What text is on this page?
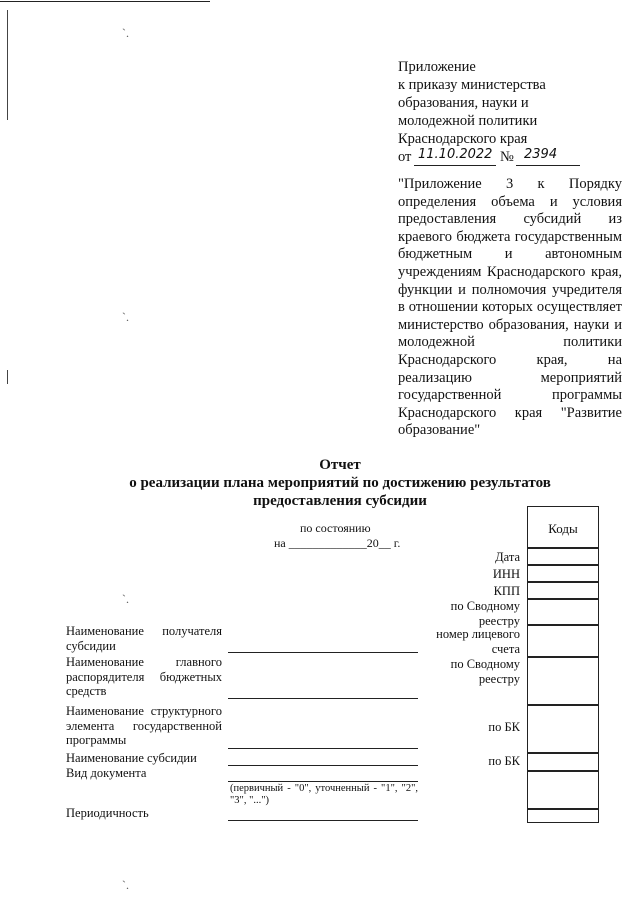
`.
`.
`.
`.

Приложение

к приказу министерства

образования, науки и

молодежной политики

Краснодарского края

от 11.10.2022 № 2394

"Приложение 3 к Порядку определения объема и условия предоставления субсидий из краевого бюджета государственным бюджетным и автономным учреждениям Краснодарского края, функции и полномочия учредителя в отношении которых осуществляет министерство образования, науки и молодежной политики Краснодарского края, на реализацию мероприятий государственной программы Краснодарского края "Развитие образование"
Отчет
о реализации плана мероприятий по достижению результатов
предоставления субсидии
по состоянию
на _____________20__ г.
Коды
Дата
ИНН
КПП
по Сводному реестру
номер лицевого счета
по Сводному реестру
по БК
по БК
Наименование получателя субсидии
Наименование главного распорядителя бюджетных средств
Наименование структурного элемента государственной программы
Наименование субсидии
Вид документа
(первичный - "0", уточненный - "1", "2", "3", "...")
Периодичность
